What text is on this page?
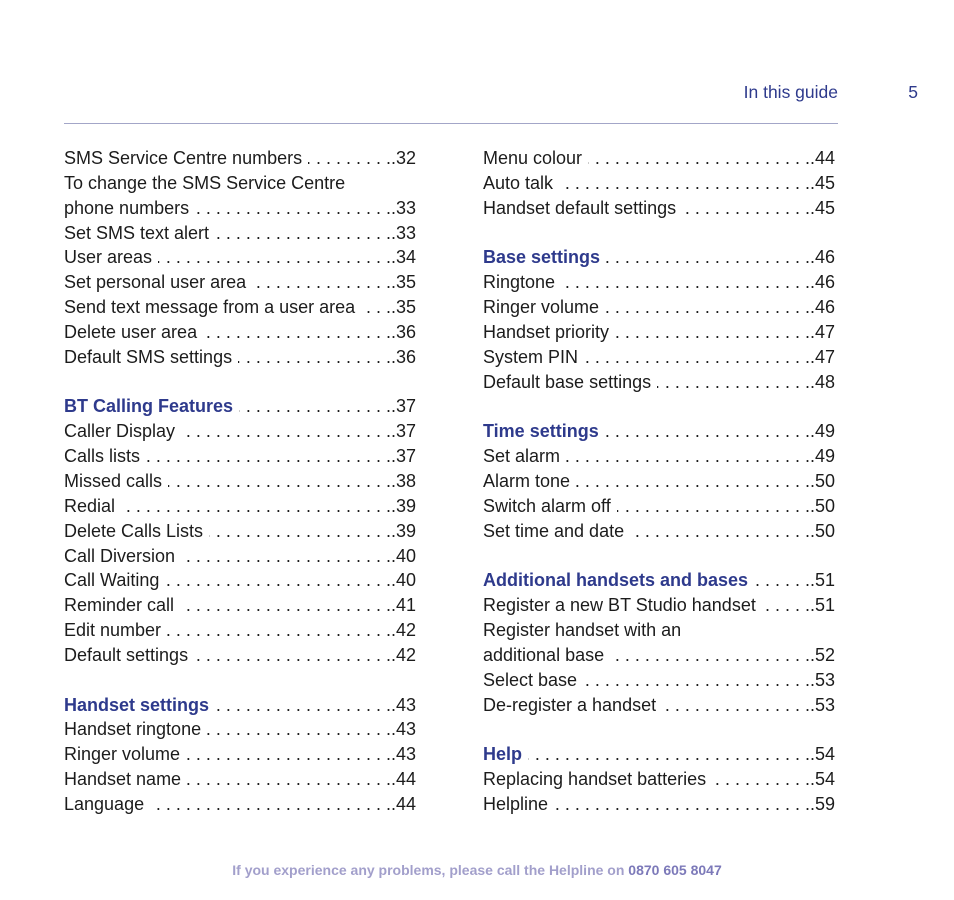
In this guide	5
SMS Service Centre numbers . . .	.32
To change the SMS Service Centre
phone numbers . . .	.33
Set SMS text alert . . .	.33
User areas . . .	.34
Set personal user area . . .	.35
Send text message from a user area . . .	.35
Delete user area . . .	.36
Default SMS settings . . .	.36
BT Calling Features . . .	.37
Caller Display . . .	.37
Calls lists . . .	.37
Missed calls . . .	.38
Redial . . .	.39
Delete Calls Lists . . .	.39
Call Diversion . . .	.40
Call Waiting . . .	.40
Reminder call . . .	.41
Edit number . . .	.42
Default settings . . .	.42
Handset settings . . .	.43
Handset ringtone . . .	.43
Ringer volume . . .	.43
Handset name . . .	.44
Language . . .	.44
Menu colour . . .	.44
Auto talk . . .	.45
Handset default settings . . .	.45
Base settings . . .	.46
Ringtone . . .	.46
Ringer volume . . .	.46
Handset priority . . .	.47
System PIN . . .	.47
Default base settings . . .	.48
Time settings . . .	.49
Set alarm . . .	.49
Alarm tone . . .	.50
Switch alarm off . . .	.50
Set time and date . . .	.50
Additional handsets and bases . . .	.51
Register a new BT Studio handset . . .	.51
Register handset with an
additional base . . .	.52
Select base . . .	.53
De-register a handset . . .	.53
Help . . .	.54
Replacing handset batteries . . .	.54
Helpline . . .	.59
If you experience any problems, please call the Helpline on 0870 605 8047
